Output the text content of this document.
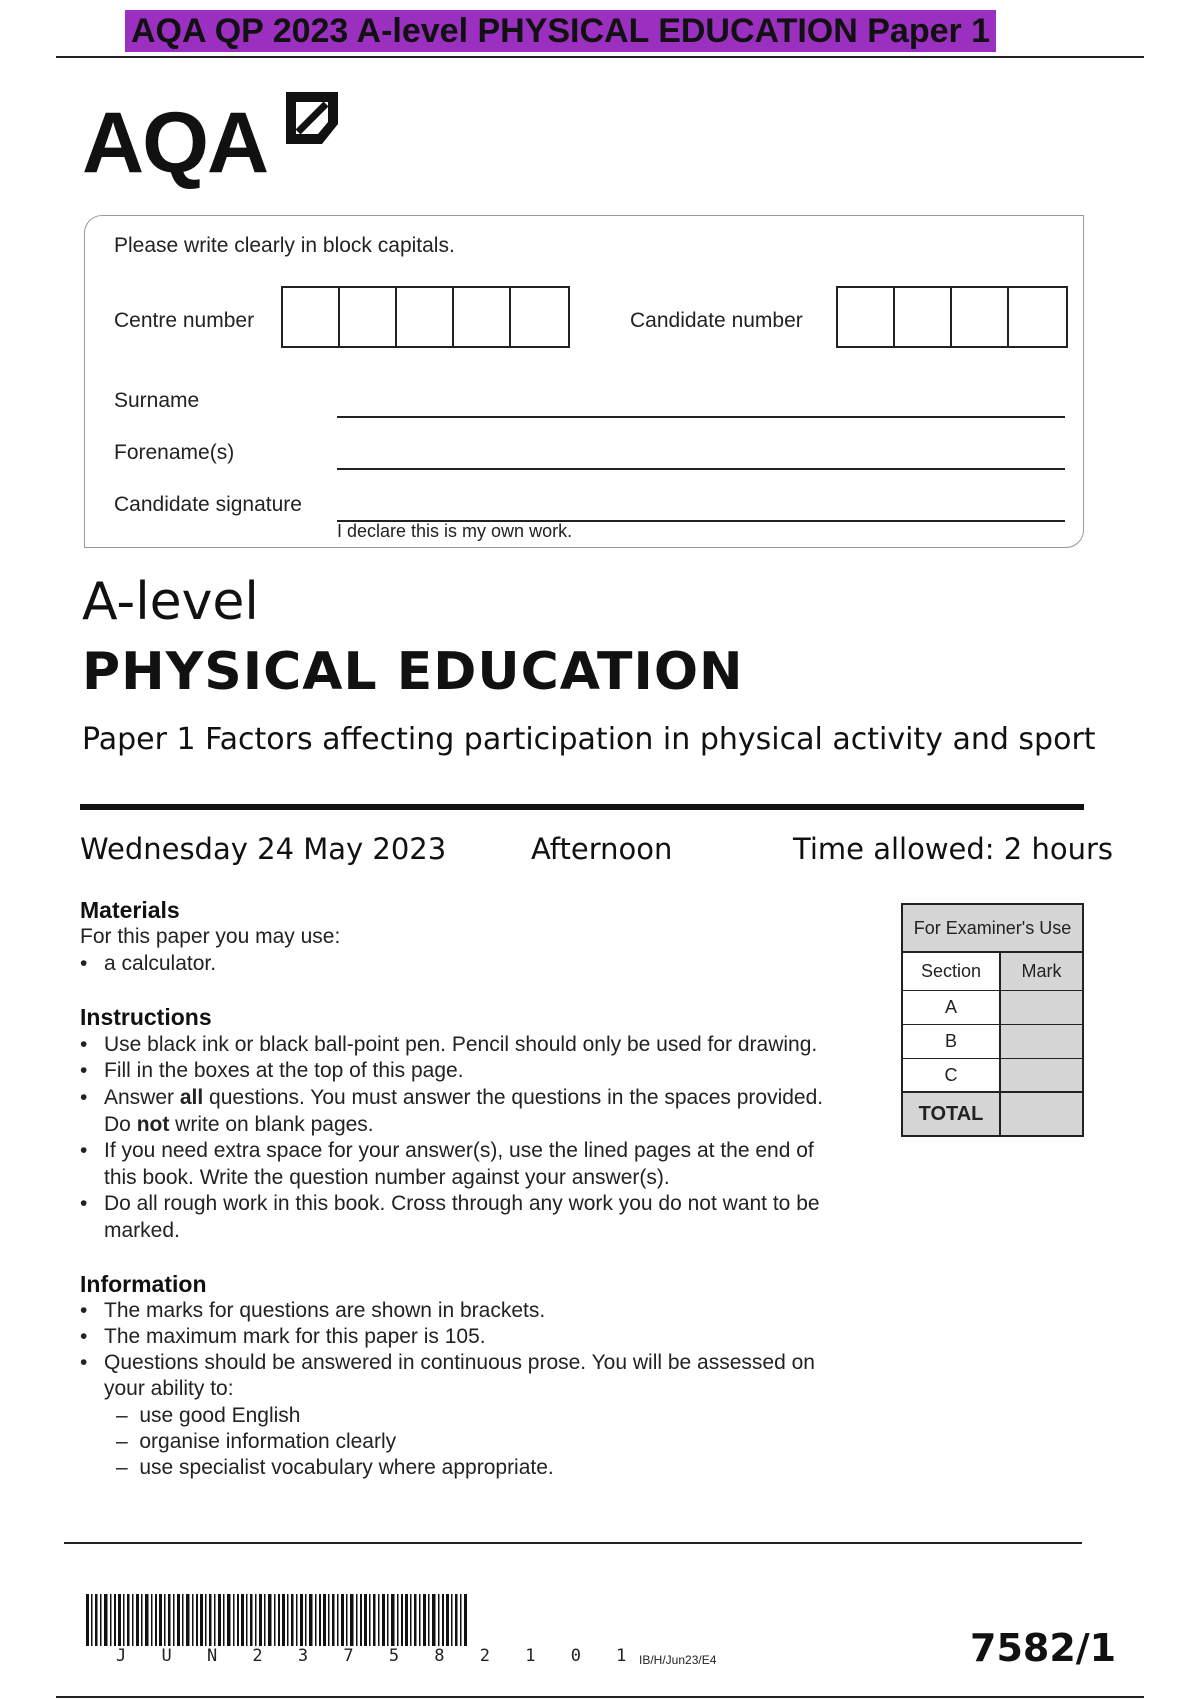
AQA QP 2023 A-level PHYSICAL EDUCATION Paper 1
AQA
Please write clearly in block capitals.
Centre number	Candidate number
Surname
Forename(s)
Candidate signature
I declare this is my own work.
A-level
PHYSICAL EDUCATION
Paper 1 Factors affecting participation in physical activity and sport
Wednesday 24 May 2023	Afternoon	Time allowed: 2 hours
Materials
For this paper you may use:
• a calculator.
Instructions
• Use black ink or black ball-point pen. Pencil should only be used for drawing.
• Fill in the boxes at the top of this page.
• Answer all questions. You must answer the questions in the spaces provided.
Do not write on blank pages.
• If you need extra space for your answer(s), use the lined pages at the end of
this book. Write the question number against your answer(s).
• Do all rough work in this book. Cross through any work you do not want to be
marked.
Information
• The marks for questions are shown in brackets.
• The maximum mark for this paper is 105.
• Questions should be answered in continuous prose. You will be assessed on
your ability to:
–  use good English
–  organise information clearly
–  use specialist vocabulary where appropriate.
For Examiner's Use
Section	Mark
A
B
C
TOTAL
J U N 2 3 7 5 8 2 1 0 1 IB/H/Jun23/E4	7582/1
